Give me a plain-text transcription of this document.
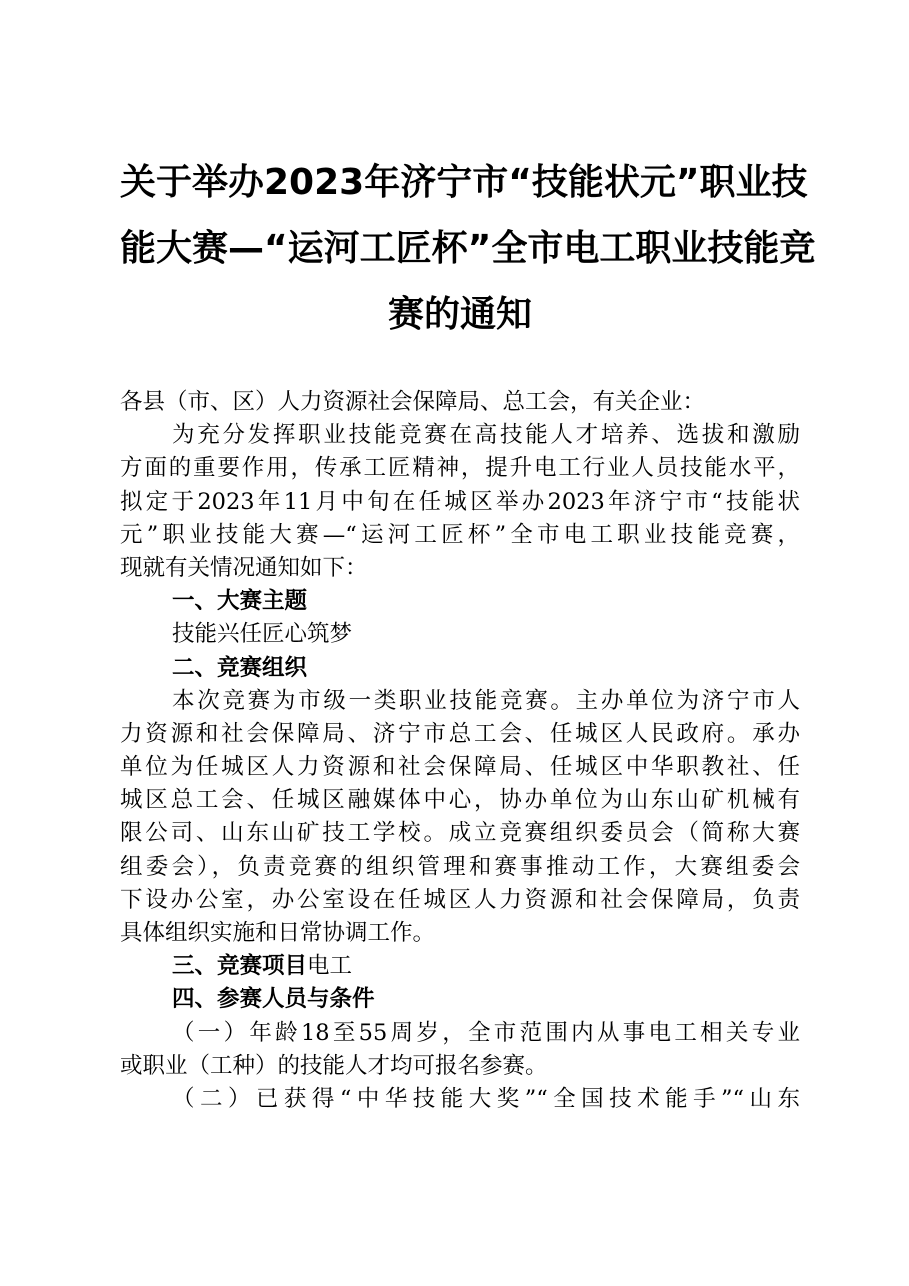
关于举办2023年济宁市“技能状元”职业技
能大赛—“运河工匠杯”全市电工职业技能竞
赛的通知
各县（市、区）人力资源社会保障局、总工会，有关企业：
为充分发挥职业技能竞赛在高技能人才培养、选拔和激励
方面的重要作用，传承工匠精神，提升电工行业人员技能水平，
拟定于2023年11月中旬在任城区举办2023年济宁市“技能状
元”职业技能大赛—“运河工匠杯”全市电工职业技能竞赛，
现就有关情况通知如下：
一、大赛主题
技能兴任匠心筑梦
二、竞赛组织
本次竞赛为市级一类职业技能竞赛。主办单位为济宁市人
力资源和社会保障局、济宁市总工会、任城区人民政府。承办
单位为任城区人力资源和社会保障局、任城区中华职教社、任
城区总工会、任城区融媒体中心，协办单位为山东山矿机械有
限公司、山东山矿技工学校。成立竞赛组织委员会（简称大赛
组委会），负责竞赛的组织管理和赛事推动工作，大赛组委会
下设办公室，办公室设在任城区人力资源和社会保障局，负责
具体组织实施和日常协调工作。
三、竞赛项目电工
四、参赛人员与条件
（一）年龄18至55周岁，全市范围内从事电工相关专业
或职业（工种）的技能人才均可报名参赛。
（二）已获得“中华技能大奖”“全国技术能手”“山东
